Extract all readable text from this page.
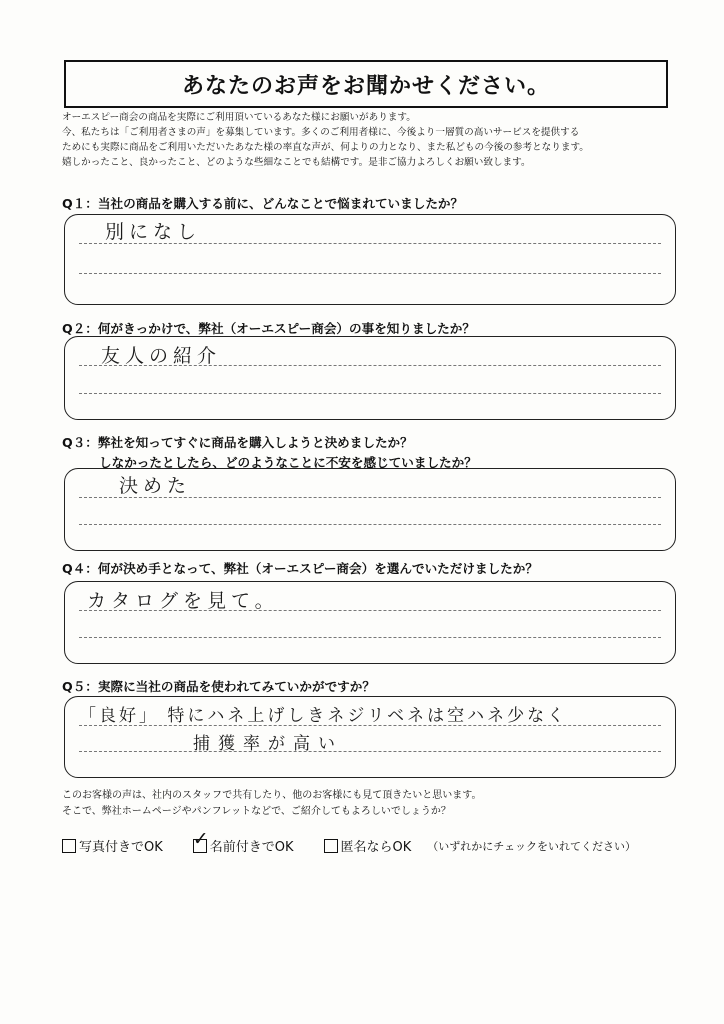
あなたのお声をお聞かせください。
オーエスピー商会の商品を実際にご利用頂いているあなた様にお願いがあります。
今、私たちは「ご利用者さまの声」を募集しています。多くのご利用者様に、今後より一層質の高いサービスを提供する
ためにも実際に商品をご利用いただいたあなた様の率直な声が、何よりの力となり、また私どもの今後の参考となります。
嬉しかったこと、良かったこと、どのような些細なことでも結構です。是非ご協力よろしくお願い致します。
Q１：当社の商品を購入する前に、どんなことで悩まれていましたか？
別になし
Q２：何がきっかけで、弊社（オーエスピー商会）の事を知りましたか？
友人の紹介
Q３：弊社を知ってすぐに商品を購入しようと決めましたか？
しなかったとしたら、どのようなことに不安を感じていましたか？
決めた
Q４：何が決め手となって、弊社（オーエスピー商会）を選んでいただけましたか？
カタログを見て。
Q５：実際に当社の商品を使われてみていかがですか？
「良好」 特にハネ上げしきネジリベネは空ハネ少なく
捕獲率が高い
このお客様の声は、社内のスタッフで共有したり、他のお客様にも見て頂きたいと思います。
そこで、弊社ホームページやパンフレットなどで、ご紹介してもよろしいでしょうか？
写真付きでOK ✓ 名前付きでOK	匿名ならOK （いずれかにチェックをいれてください）
